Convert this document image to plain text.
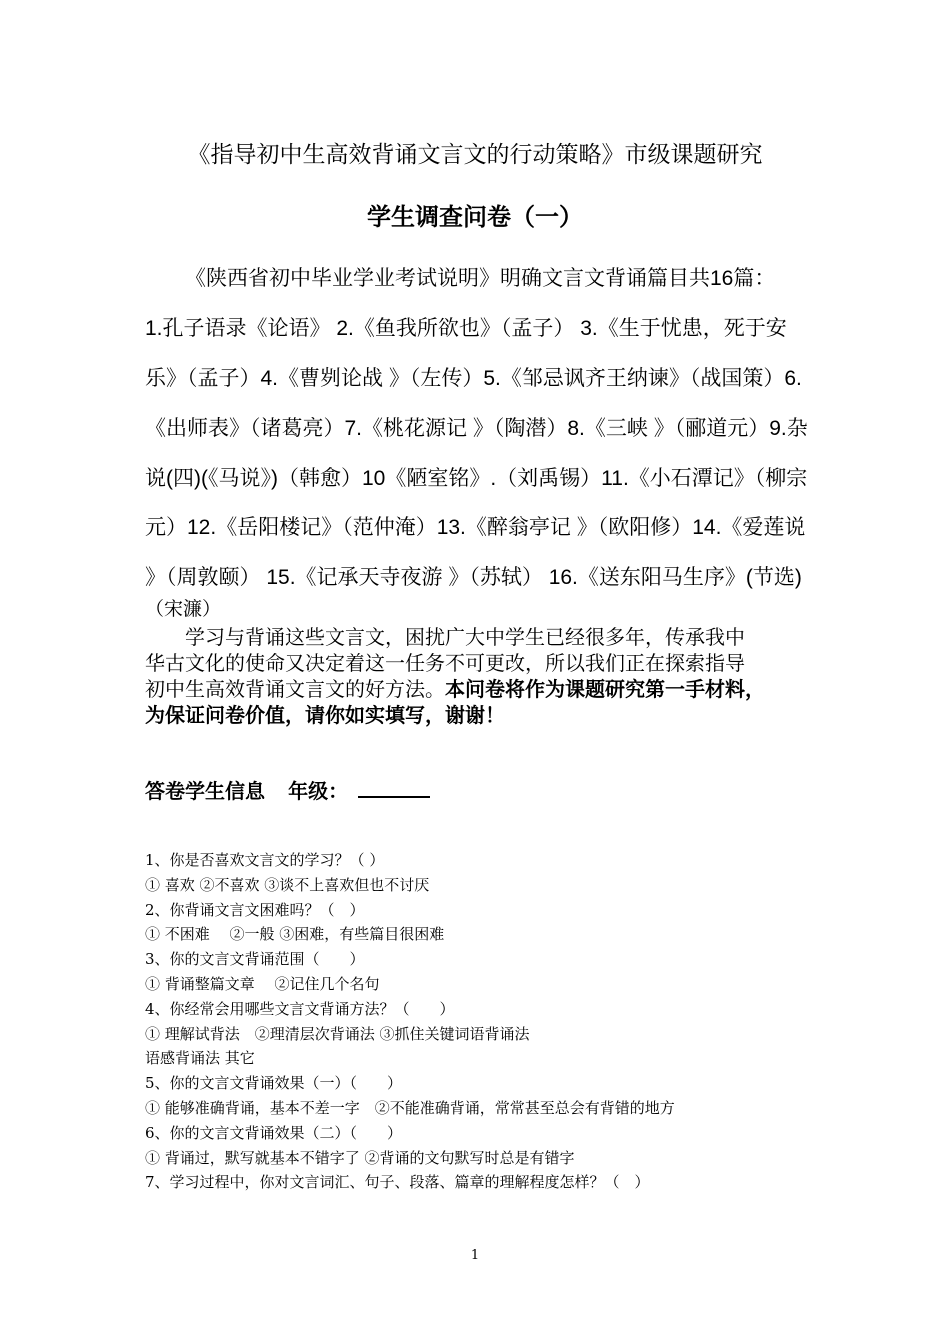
《指导初中生高效背诵文言文的行动策略》市级课题研究
学生调查问卷（一）
《陕西省初中毕业学业考试说明》明确文言文背诵篇目共16篇：
1.孔子语录《论语》 2.《鱼我所欲也》（孟子） 3.《生于忧患，死于安
乐》（孟子）4.《曹刿论战 》（左传）5.《邹忌讽齐王纳谏》（战国策）6.
《出师表》（诸葛亮）7.《桃花源记 》（陶潜）8.《三峡 》（郦道元）9.杂
说(四)(《马说》)（韩愈）10《陋室铭》.（刘禹锡）11.《小石潭记》（柳宗
元）12.《岳阳楼记》（范仲淹）13.《醉翁亭记 》（欧阳修）14.《爱莲说
》（周敦颐） 15.《记承天寺夜游 》（苏轼） 16.《送东阳马生序》(节选)
（宋濂）
学习与背诵这些文言文，困扰广大中学生已经很多年，传承我中
华古文化的使命又决定着这一任务不可更改，所以我们正在探索指导
初中生高效背诵文言文的好方法。本问卷将作为课题研究第一手材料，
为保证问卷价值，请你如实填写，谢谢！
答卷学生信息 年级：
1、你是否喜欢文言文的学习？（ ）
① 喜欢 ②不喜欢 ③谈不上喜欢但也不讨厌
2、你背诵文言文困难吗？（　）
① 不困难　 ②一般 ③困难，有些篇目很困难
3、你的文言文背诵范围（　　）
① 背诵整篇文章　 ②记住几个名句
4、你经常会用哪些文言文背诵方法？（　　）
① 理解试背法　②理清层次背诵法 ③抓住关键词语背诵法
语感背诵法 其它
5、你的文言文背诵效果（一）（　　）
① 能够准确背诵，基本不差一字　②不能准确背诵，常常甚至总会有背错的地方
6、你的文言文背诵效果（二）（　　）
① 背诵过，默写就基本不错字了 ②背诵的文句默写时总是有错字
7、学习过程中，你对文言词汇、句子、段落、篇章的理解程度怎样？（　）
1
